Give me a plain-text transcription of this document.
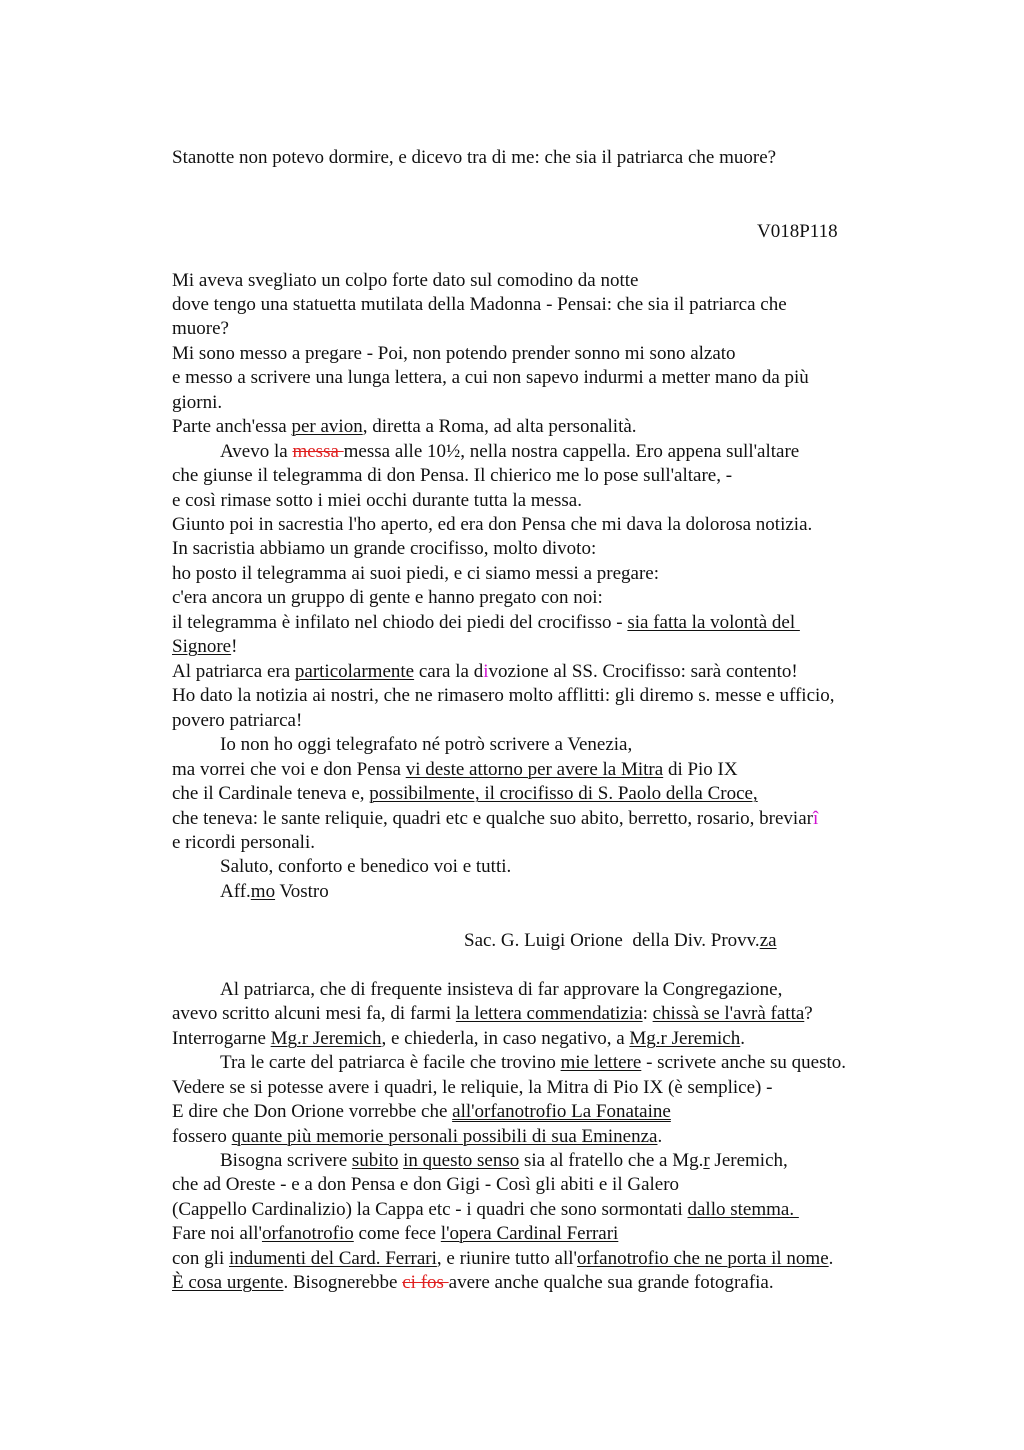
Stanotte non potevo dormire, e dicevo tra di me: che sia il patriarca che muore?
V018P118
Mi aveva svegliato un colpo forte dato sul comodino da notte
dove tengo una statuetta mutilata della Madonna - Pensai: che sia il patriarca che
muore?
Mi sono messo a pregare - Poi, non potendo prender sonno mi sono alzato
e messo a scrivere una lunga lettera, a cui non sapevo indurmi a metter mano da più
giorni.
Parte anch'essa per avion, diretta a Roma, ad alta personalità.
Avevo la messa messa alle 10½, nella nostra cappella. Ero appena sull'altare
che giunse il telegramma di don Pensa. Il chierico me lo pose sull'altare, -
e così rimase sotto i miei occhi durante tutta la messa.
Giunto poi in sacrestia l'ho aperto, ed era don Pensa che mi dava la dolorosa notizia.
In sacristia abbiamo un grande crocifisso, molto divoto:
ho posto il telegramma ai suoi piedi, e ci siamo messi a pregare:
c'era ancora un gruppo di gente e hanno pregato con noi:
il telegramma è infilato nel chiodo dei piedi del crocifisso - sia fatta la volontà del
Signore!
Al patriarca era particolarmente cara la divozione al SS. Crocifisso: sarà contento!
Ho dato la notizia ai nostri, che ne rimasero molto afflitti: gli diremo s. messe e ufficio,
povero patriarca!
Io non ho oggi telegrafato né potrò scrivere a Venezia,
ma vorrei che voi e don Pensa vi deste attorno per avere la Mitra di Pio IX
che il Cardinale teneva e, possibilmente, il crocifisso di S. Paolo della Croce,
che teneva: le sante reliquie, quadri etc e qualche suo abito, berretto, rosario, breviarî
e ricordi personali.
Saluto, conforto e benedico voi e tutti.
Aff.mo Vostro
Sac. G. Luigi Orione  della Div. Provv.za
Al patriarca, che di frequente insisteva di far approvare la Congregazione,
avevo scritto alcuni mesi fa, di farmi la lettera commendatizia: chissà se l'avrà fatta?
Interrogarne Mg.r Jeremich, e chiederla, in caso negativo, a Mg.r Jeremich.
Tra le carte del patriarca è facile che trovino mie lettere - scrivete anche su questo.
Vedere se si potesse avere i quadri, le reliquie, la Mitra di Pio IX (è semplice) -
E dire che Don Orione vorrebbe che all'orfanotrofio La Fonataine
fossero quante più memorie personali possibili di sua Eminenza.
Bisogna scrivere subito in questo senso sia al fratello che a Mg.r Jeremich,
che ad Oreste - e a don Pensa e don Gigi - Così gli abiti e il Galero
(Cappello Cardinalizio) la Cappa etc - i quadri che sono sormontati dallo stemma.
Fare noi all'orfanotrofio come fece l'opera Cardinal Ferrari
con gli indumenti del Card. Ferrari, e riunire tutto all'orfanotrofio che ne porta il nome.
È cosa urgente. Bisognerebbe ci fos avere anche qualche sua grande fotografia.
